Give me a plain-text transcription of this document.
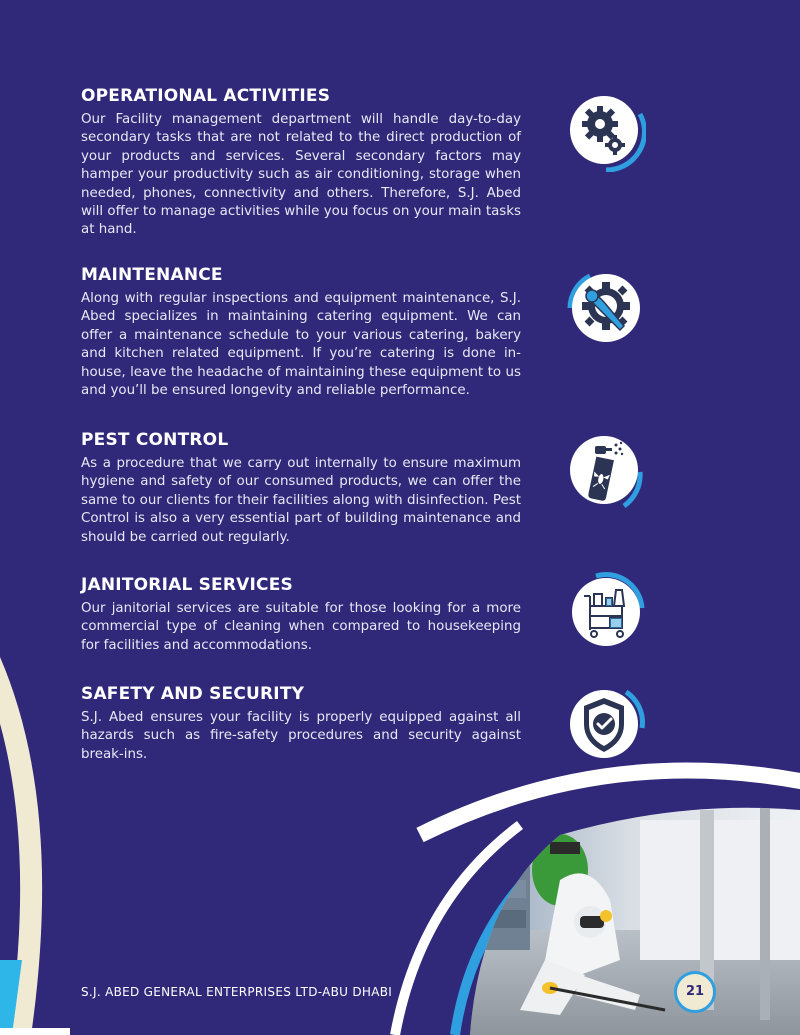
OPERATIONAL ACTIVITIES

Our Facility management department will handle day-to-day secondary tasks that are not related to the direct production of your products and services. Several secondary factors may hamper your productivity such as air conditioning, storage when needed, phones, connectivity and others. Therefore, S.J. Abed will offer to manage activities while you focus on your main tasks at hand.

MAINTENANCE

Along with regular inspections and equipment maintenance, S.J. Abed specializes in maintaining catering equipment. We can offer a maintenance schedule to your various catering, bakery and kitchen related equipment. If you’re catering is done in-house, leave the headache of maintaining these equipment to us and you’ll be ensured longevity and reliable performance.

PEST CONTROL

As a procedure that we carry out internally to ensure maximum hygiene and safety of our consumed products, we can offer the same to our clients for their facilities along with disinfection. Pest Control is also a very essential part of building maintenance and should be carried out regularly.

JANITORIAL SERVICES

Our janitorial services are suitable for those looking for a more commercial type of cleaning when compared to housekeeping for facilities and accommodations.

SAFETY AND SECURITY

S.J. Abed ensures your facility is properly equipped against all hazards such as fire-safety procedures and security against break-ins.

S.J. ABED GENERAL ENTERPRISES LTD-ABU DHABI	21
